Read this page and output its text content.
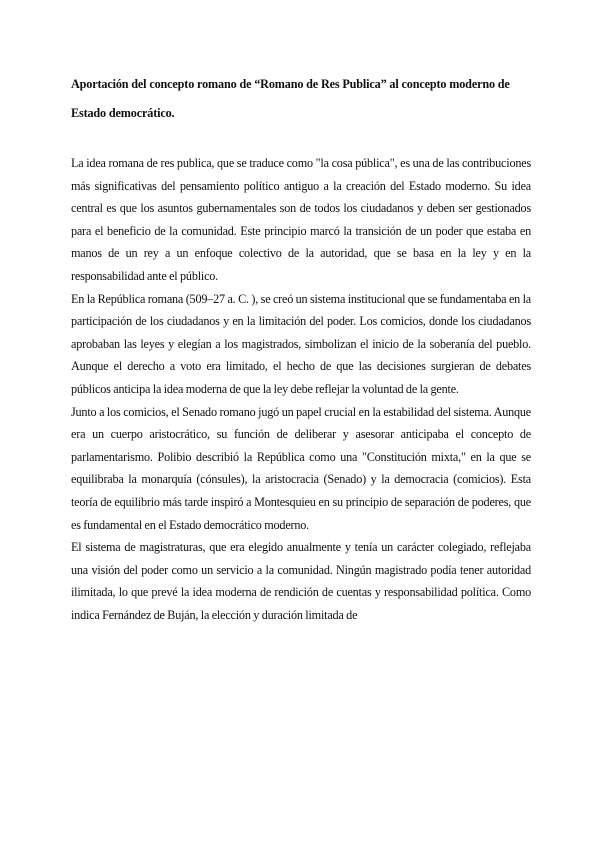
Aportación del concepto romano de “Romano de Res Publica” al concepto moderno de Estado democrático.

La idea romana de res publica, que se traduce como "la cosa pública", es una de las contribuciones más significativas del pensamiento político antiguo a la creación del Estado moderno. Su idea central es que los asuntos gubernamentales son de todos los ciudadanos y deben ser gestionados para el beneficio de la comunidad. Este principio marcó la transición de un poder que estaba en manos de un rey a un enfoque colectivo de la autoridad, que se basa en la ley y en la responsabilidad ante el público.

En la República romana (509–27 a. C. ), se creó un sistema institucional que se fundamentaba en la participación de los ciudadanos y en la limitación del poder. Los comicios, donde los ciudadanos aprobaban las leyes y elegían a los magistrados, simbolizan el inicio de la soberanía del pueblo. Aunque el derecho a voto era limitado, el hecho de que las decisiones surgieran de debates públicos anticipa la idea moderna de que la ley debe reflejar la voluntad de la gente.

Junto a los comicios, el Senado romano jugó un papel crucial en la estabilidad del sistema. Aunque era un cuerpo aristocrático, su función de deliberar y asesorar anticipaba el concepto de parlamentarismo. Polibio describió la República como una "Constitución mixta," en la que se equilibraba la monarquía (cónsules), la aristocracia (Senado) y la democracia (comicios). Esta teoría de equilibrio más tarde inspiró a Montesquieu en su principio de separación de poderes, que es fundamental en el Estado democrático moderno.

El sistema de magistraturas, que era elegido anualmente y tenía un carácter colegiado, reflejaba una visión del poder como un servicio a la comunidad. Ningún magistrado podía tener autoridad ilimitada, lo que prevé la idea moderna de rendición de cuentas y responsabilidad política. Como indica Fernández de Buján, la elección y duración limitada de
